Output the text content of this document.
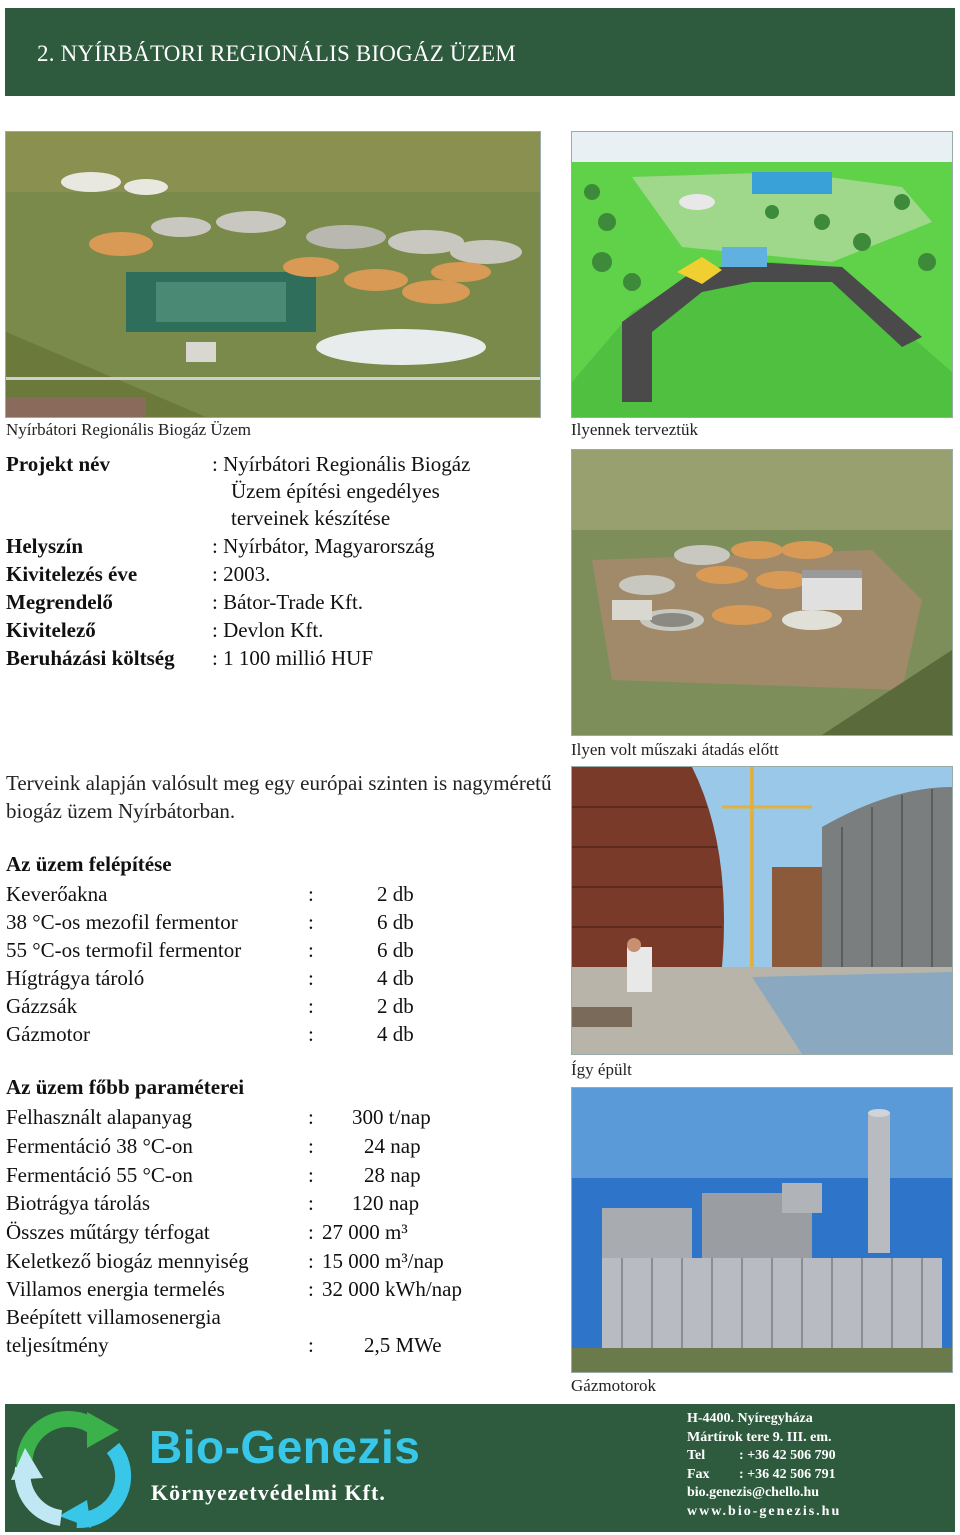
2. NYÍRBÁTORI REGIONÁLIS BIOGÁZ ÜZEM
Nyírbátori Regionális Biogáz Üzem	Ilyennek terveztük
Projekt név	: Nyírbátori Regionális Biogáz
Üzem építési engedélyes
terveinek készítése
Helyszín	: Nyírbátor, Magyarország
Kivitelezés éve	: 2003.
Megrendelő	: Bátor-Trade Kft.
Kivitelező	: Devlon Kft.
Beruházási költség : 1 100 millió HUF
Ilyen volt műszaki átadás előtt
Terveink alapján valósult meg egy európai szinten is nagyméretű biogáz üzem Nyírbátorban.
Az üzem felépítése
Keverőakna	:	2 db
38 °C-os mezofil fermentor	:	6 db
55 °C-os termofil fermentor	:	6 db
Hígtrágya tároló	:	4 db
Gázzsák	:	2 db
Gázmotor	:	4 db
Így épült
Az üzem főbb paraméterei
Felhasznált alapanyag	: 300 t/nap
Fermentáció 38 °C-on	: 24 nap
Fermentáció 55 °C-on	: 28 nap
Biotrágya tárolás	: 120 nap
Összes műtárgy térfogat	: 27 000 m³
Keletkező biogáz mennyiség	: 15 000 m³/nap
Villamos energia termelés	: 32 000 kWh/nap
Beépített villamosenergia
teljesítmény	: 2,5 MWe
Gázmotorok
Bio-Genezis
Környezetvédelmi Kft.
H-4400. Nyíregyháza
Mártírok tere 9. III. em.
Tel : +36 42 506 790
Fax : +36 42 506 791
bio.genezis@chello.hu
www.bio-genezis.hu
